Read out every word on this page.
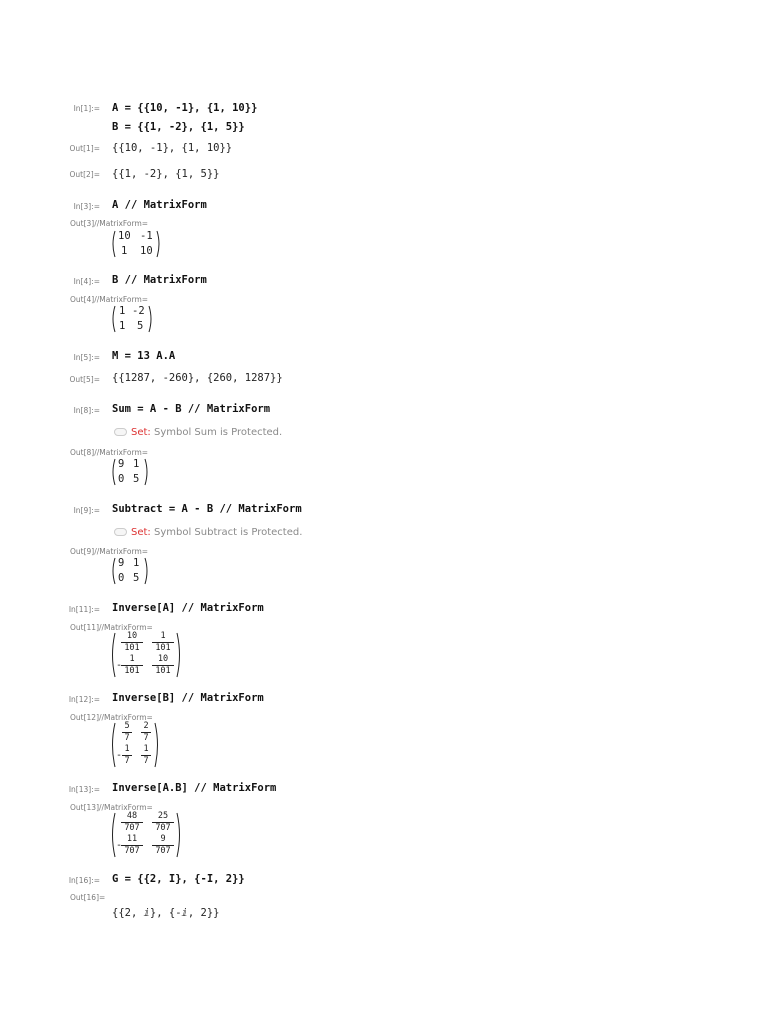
In[1]:= A = {{10, -1}, {1, 10}}
B = {{1, -2}, {1, 5}}
Out[1]= {{10, -1}, {1, 10}}
Out[2]= {{1, -2}, {1, 5}}
In[3]:= A // MatrixForm
Out[3]//MatrixForm=
10 -1
1 10
In[4]:= B // MatrixForm
Out[4]//MatrixForm=
1 -2
1 5
In[5]:= M = 13 A.A
Out[5]= {{1287, -260}, {260, 1287}}
In[8]:= Sum = A - B // MatrixForm
Set: Symbol Sum is Protected.
Out[8]//MatrixForm=
9 1
0 5
In[9]:= Subtract = A - B // MatrixForm
Set: Symbol Subtract is Protected.
Out[9]//MatrixForm=
9 1
0 5
In[11]:= Inverse[A] // MatrixForm
Out[11]//MatrixForm=
$\frac{10}{101} \frac{1}{101}$
-
$\frac{1}{101} \frac{10}{101}$
In[12]:= Inverse[B] // MatrixForm
Out[12]//MatrixForm=
$\frac{5}{7} \frac{2}{7}$
- $\frac{1}{7} \frac{1}{7}$
In[13]:= Inverse[A.B] // MatrixForm
Out[13]//MatrixForm=
$\frac{48}{707} \frac{25}{707}$
-
$\frac{11}{707} \frac{9}{707}$
In[16]:= G = {{2, I}, {-I, 2}}
Out[16]=
{{2, ⅈ}, {-ⅈ, 2}}
